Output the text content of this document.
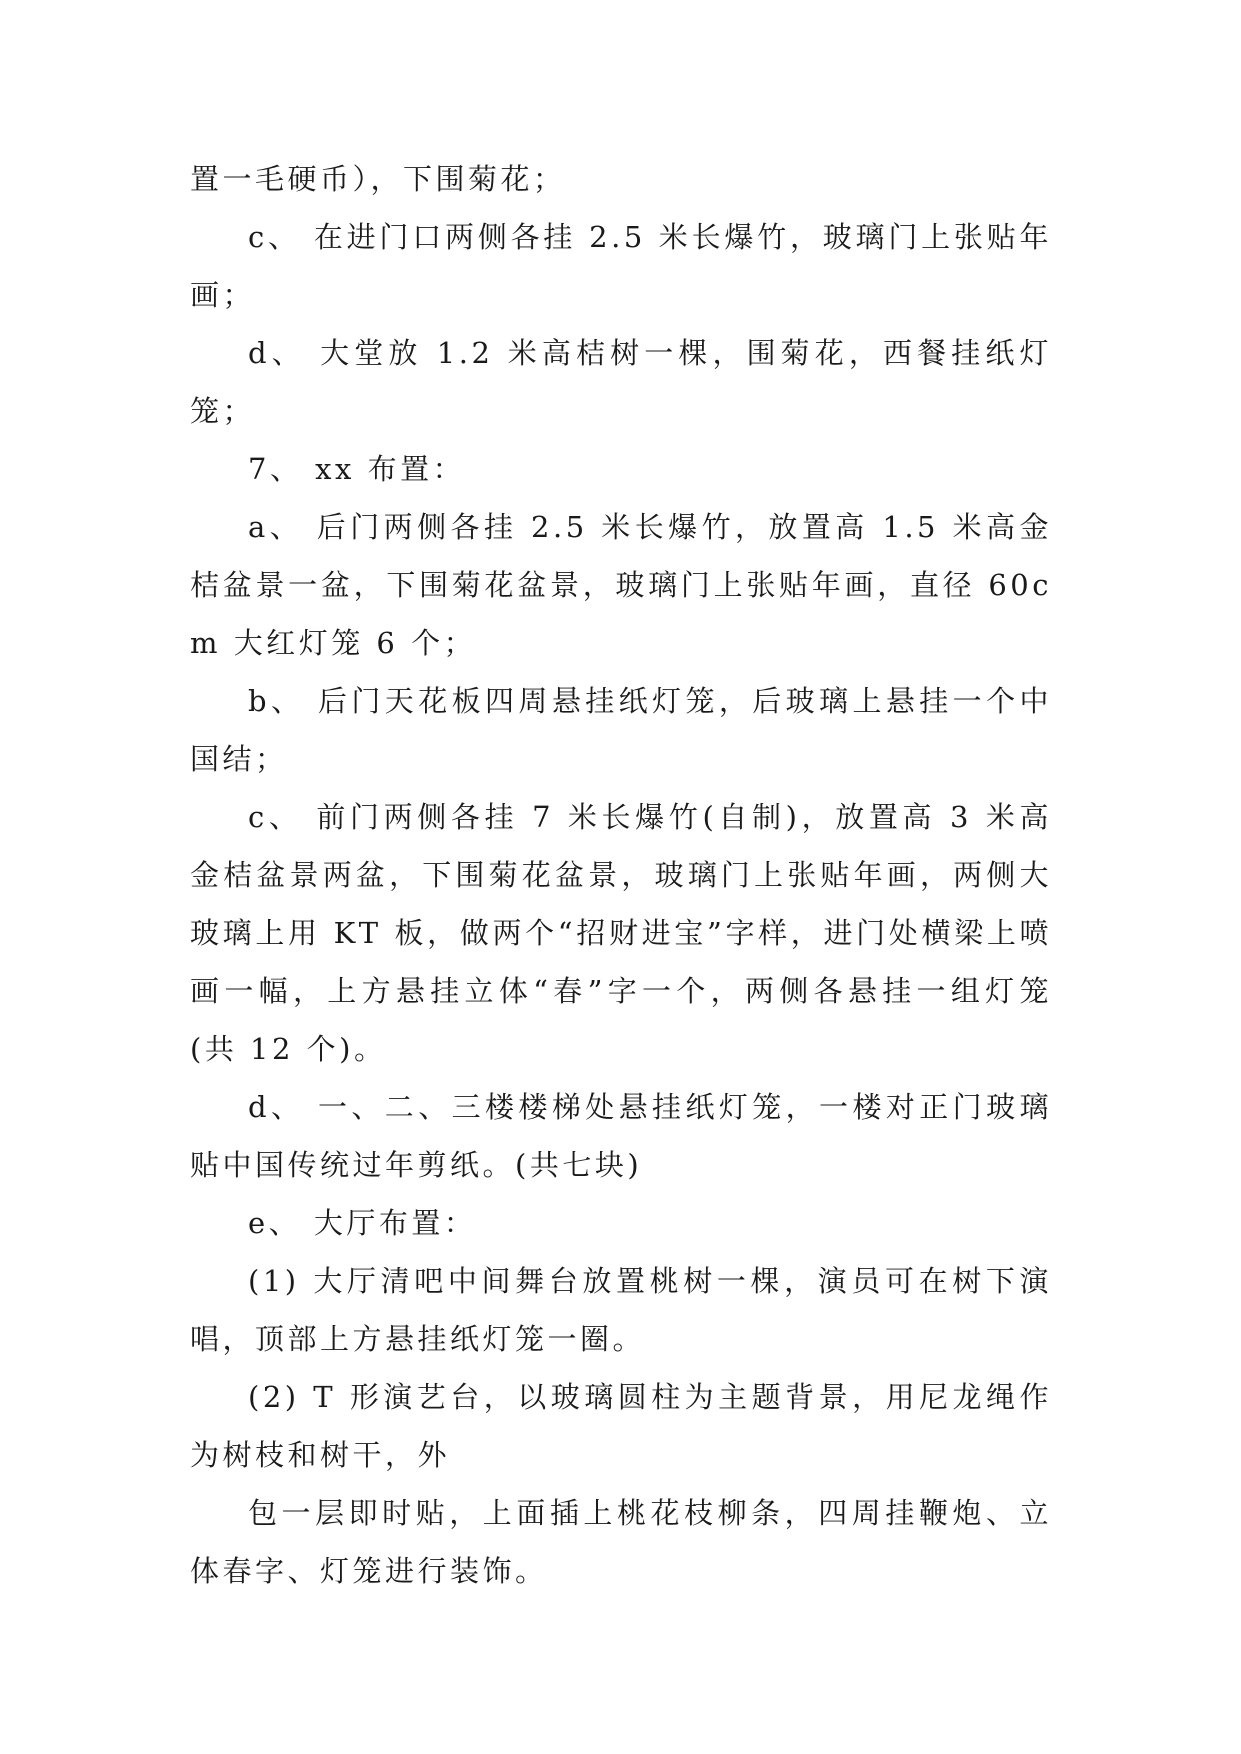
置一毛硬币），下围菊花；

c、 在进门口两侧各挂 2.5 米长爆竹，玻璃门上张贴年画；

d、 大堂放 1.2 米高桔树一棵，围菊花，西餐挂纸灯笼；

7、 xx 布置：

a、 后门两侧各挂 2.5 米长爆竹，放置高 1.5 米高金桔盆景一盆，下围菊花盆景，玻璃门上张贴年画，直径 60cm 大红灯笼 6 个；

b、 后门天花板四周悬挂纸灯笼，后玻璃上悬挂一个中国结；

c、 前门两侧各挂 7 米长爆竹(自制)，放置高 3 米高金桔盆景两盆，下围菊花盆景，玻璃门上张贴年画，两侧大玻璃上用 KT 板，做两个“招财进宝”字样，进门处横梁上喷画一幅，上方悬挂立体“春”字一个，两侧各悬挂一组灯笼(共 12 个)。

d、 一、二、三楼楼梯处悬挂纸灯笼，一楼对正门玻璃贴中国传统过年剪纸。(共七块)

e、 大厅布置：

(1) 大厅清吧中间舞台放置桃树一棵，演员可在树下演唱，顶部上方悬挂纸灯笼一圈。

(2) T 形演艺台，以玻璃圆柱为主题背景，用尼龙绳作为树枝和树干，外

包一层即时贴，上面插上桃花枝柳条，四周挂鞭炮、立体春字、灯笼进行装饰。
